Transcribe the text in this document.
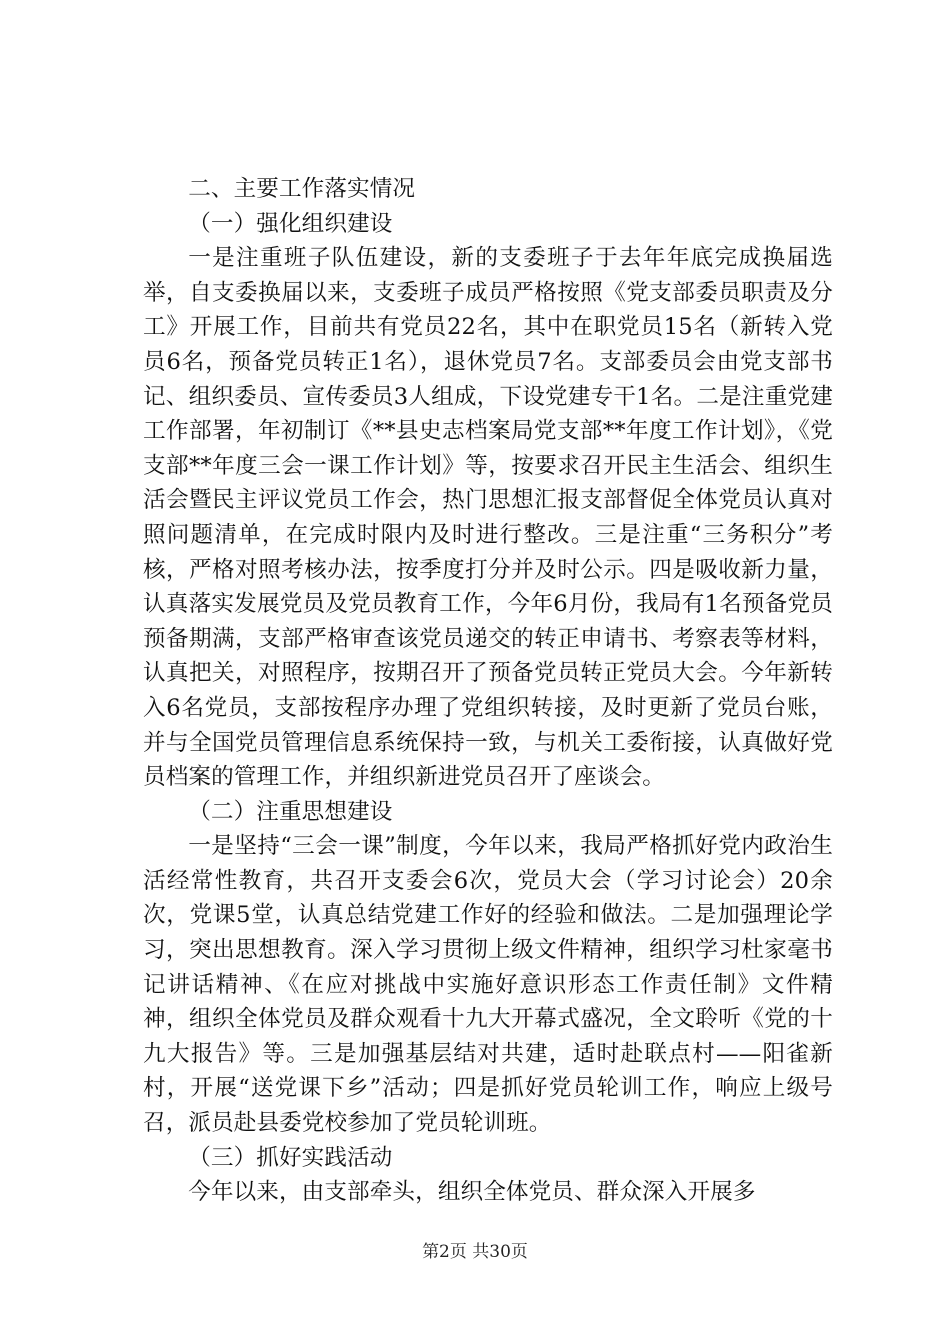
二、主要工作落实情况

（一）强化组织建设

一是注重班子队伍建设，新的支委班子于去年年底完成换届选举，自支委换届以来，支委班子成员严格按照《党支部委员职责及分工》开展工作，目前共有党员22名，其中在职党员15名（新转入党员6名，预备党员转正1名），退休党员7名。支部委员会由党支部书记、组织委员、宣传委员3人组成，下设党建专干1名。二是注重党建工作部署，年初制订《**县史志档案局党支部**年度工作计划》，《党支部**年度三会一课工作计划》等，按要求召开民主生活会、组织生活会暨民主评议党员工作会，热门思想汇报支部督促全体党员认真对照问题清单，在完成时限内及时进行整改。三是注重“三务积分”考核，严格对照考核办法，按季度打分并及时公示。四是吸收新力量，认真落实发展党员及党员教育工作，今年6月份，我局有1名预备党员预备期满，支部严格审查该党员递交的转正申请书、考察表等材料，认真把关，对照程序，按期召开了预备党员转正党员大会。今年新转入6名党员，支部按程序办理了党组织转接，及时更新了党员台账，并与全国党员管理信息系统保持一致，与机关工委衔接，认真做好党员档案的管理工作，并组织新进党员召开了座谈会。

（二）注重思想建设

一是坚持“三会一课”制度，今年以来，我局严格抓好党内政治生活经常性教育，共召开支委会6次，党员大会（学习讨论会）20余次，党课5堂，认真总结党建工作好的经验和做法。二是加强理论学习，突出思想教育。深入学习贯彻上级文件精神，组织学习杜家毫书记讲话精神、《在应对挑战中实施好意识形态工作责任制》文件精神，组织全体党员及群众观看十九大开幕式盛况，全文聆听《党的十九大报告》等。三是加强基层结对共建，适时赴联点村——阳雀新村，开展“送党课下乡”活动；四是抓好党员轮训工作，响应上级号召，派员赴县委党校参加了党员轮训班。

（三）抓好实践活动

今年以来，由支部牵头，组织全体党员、群众深入开展多

第2页 共30页
